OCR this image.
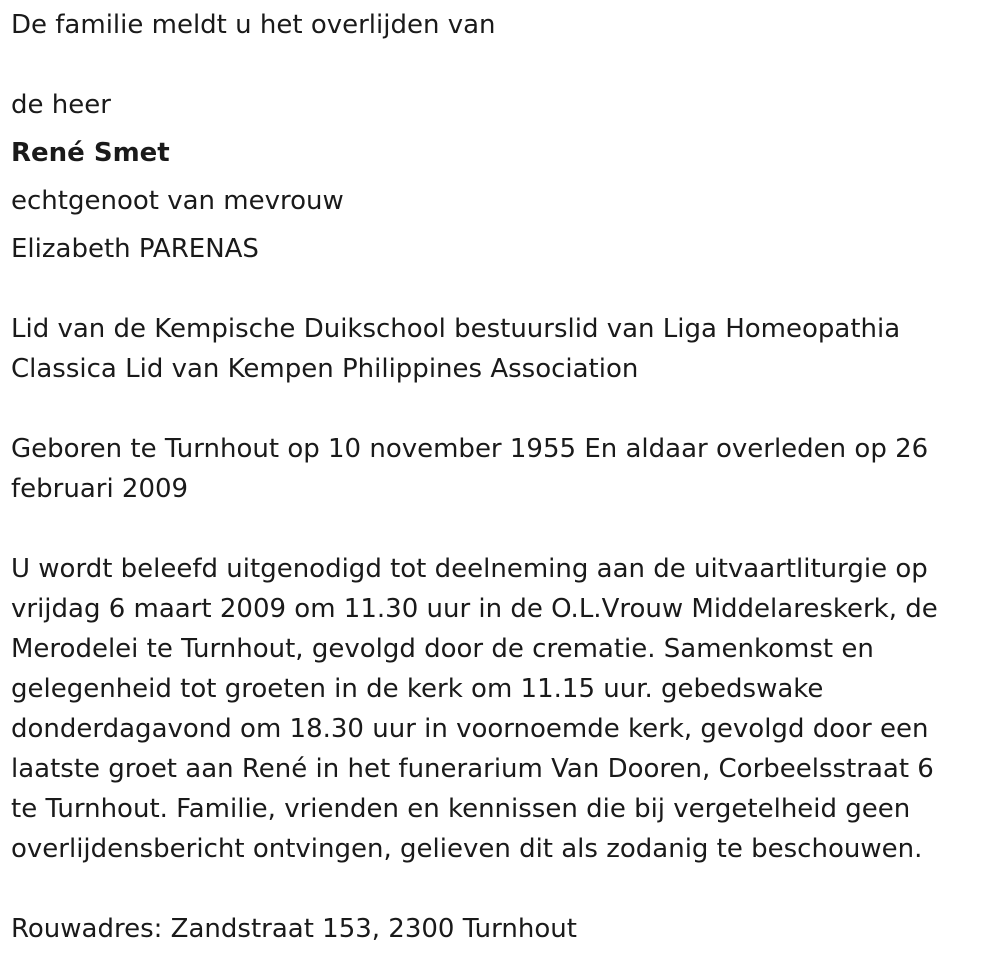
De familie meldt u het overlijden van

de heer

René Smet

echtgenoot van mevrouw

Elizabeth PARENAS

Lid van de Kempische Duikschool bestuurslid van Liga Homeopathia

Classica Lid van Kempen Philippines Association

Geboren te Turnhout op 10 november 1955 En aldaar overleden op 26

februari 2009

U wordt beleefd uitgenodigd tot deelneming aan de uitvaartliturgie op

vrijdag 6 maart 2009 om 11.30 uur in de O.L.Vrouw Middelareskerk, de

Merodelei te Turnhout, gevolgd door de crematie. Samenkomst en

gelegenheid tot groeten in de kerk om 11.15 uur. gebedswake

donderdagavond om 18.30 uur in voornoemde kerk, gevolgd door een

laatste groet aan René in het funerarium Van Dooren, Corbeelsstraat 6

te Turnhout. Familie, vrienden en kennissen die bij vergetelheid geen

overlijdensbericht ontvingen, gelieven dit als zodanig te beschouwen.

Rouwadres: Zandstraat 153, 2300 Turnhout
